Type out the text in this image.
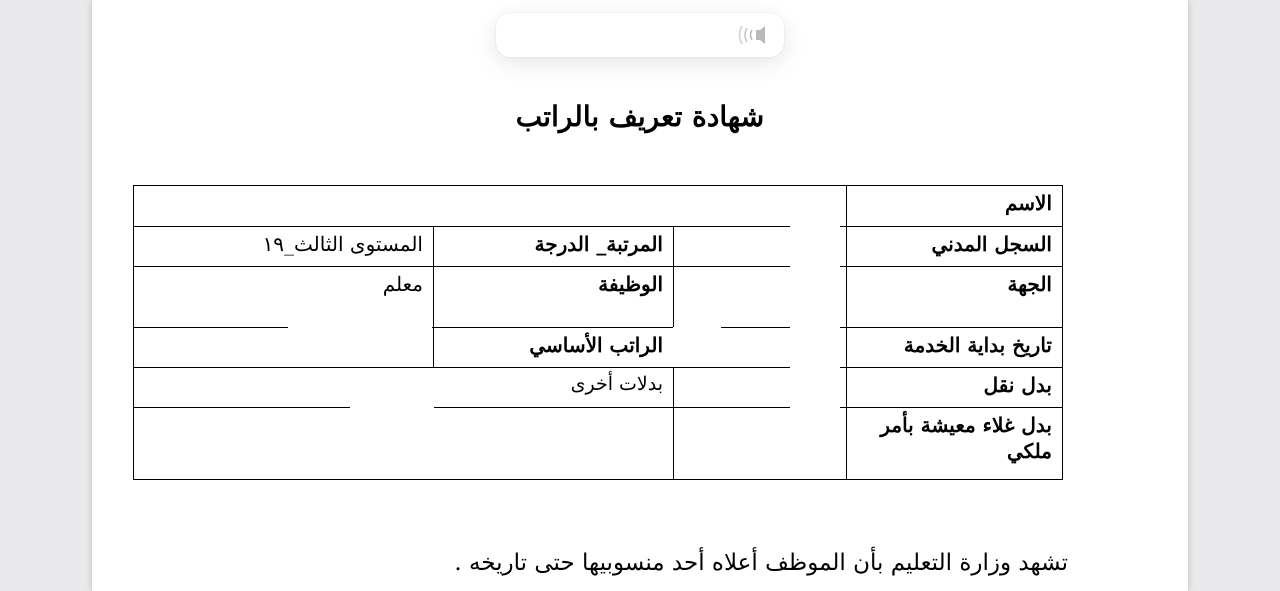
شهادة تعريف بالراتب
الاسم			
السجل المدني		المرتبة_ الدرجة	المستوى الثالث_١٩
الجهة		الوظيفة	معلم
تاريخ بداية الخدمة		الراتب الأساسي	
بدل نقل		بدلات أخرى	
بدل غلاء معيشة بأمر ملكي			
تشهد وزارة التعليم بأن الموظف أعلاه أحد منسوبيها حتى تاريخه .
